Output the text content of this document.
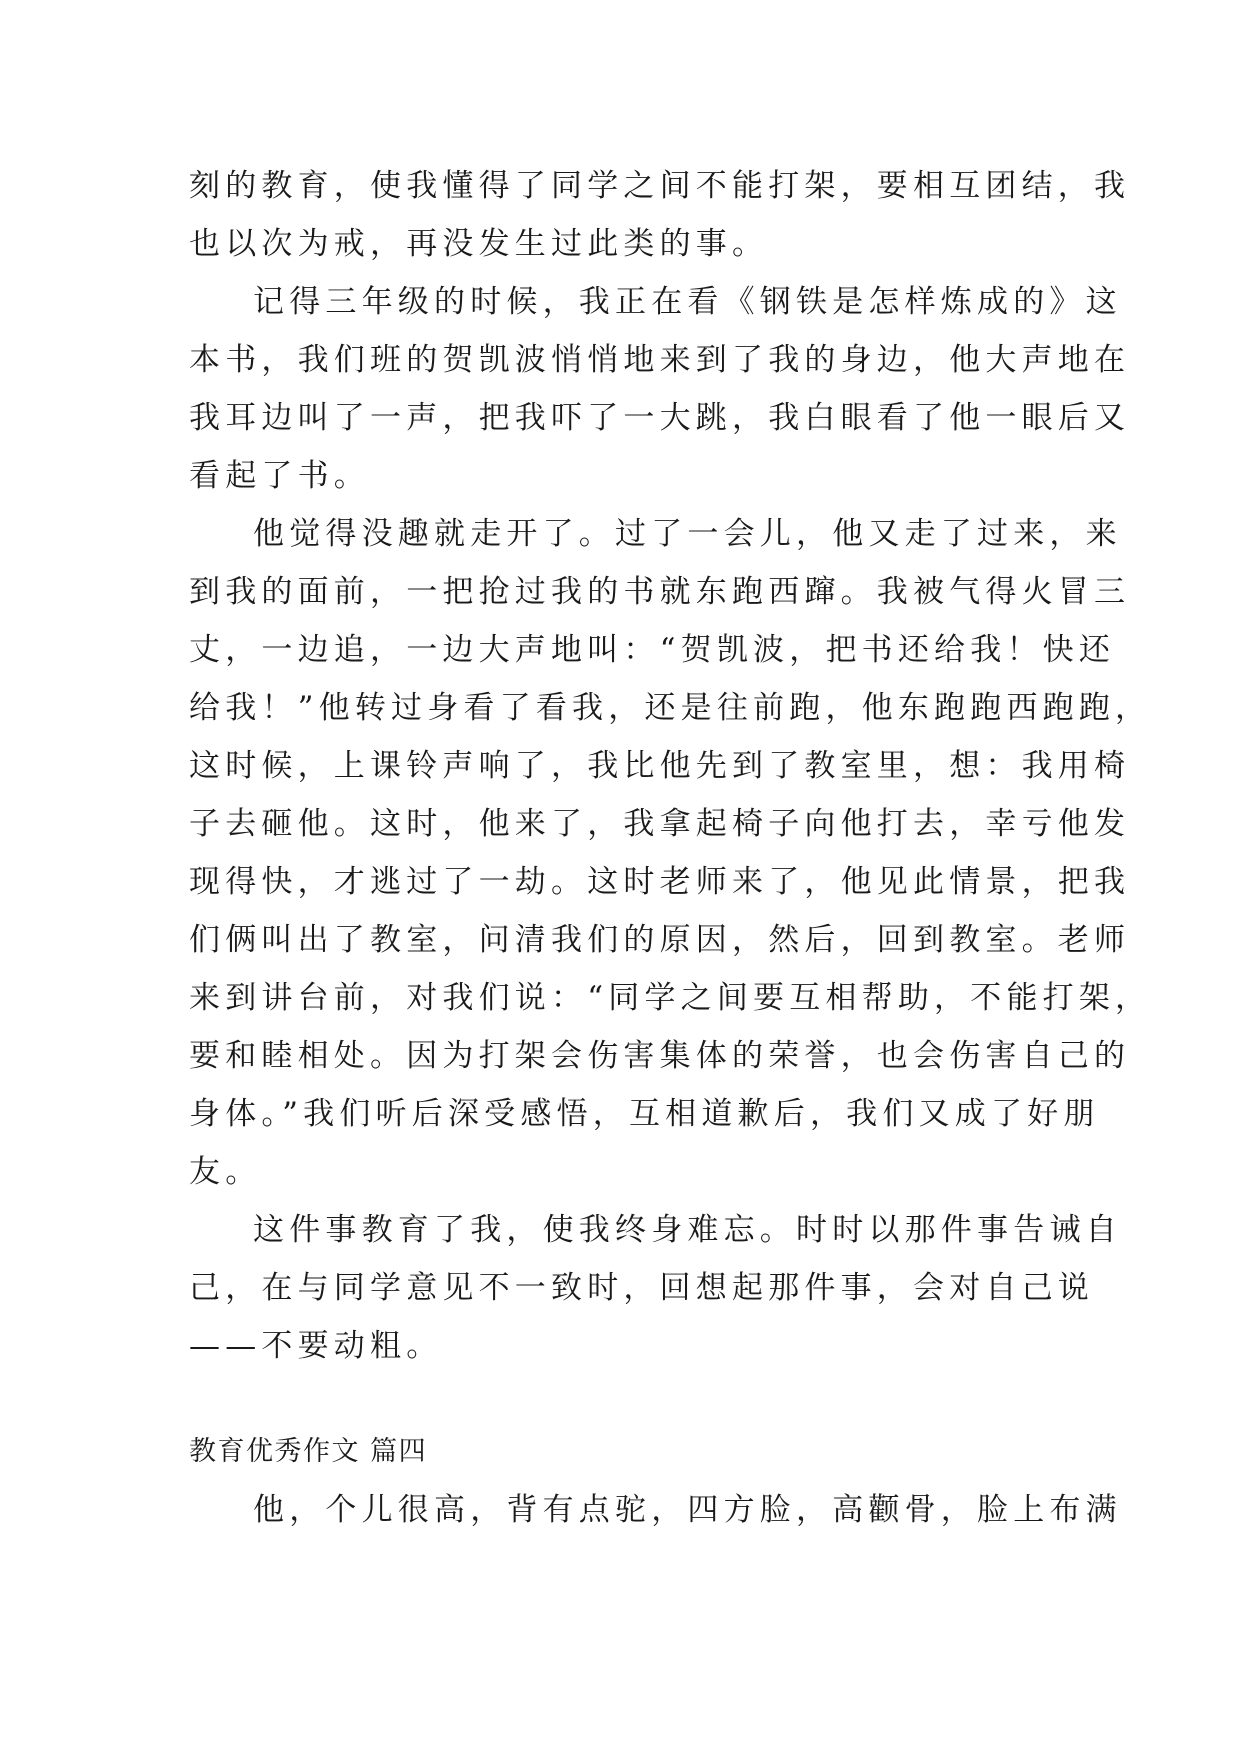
刻的教育，使我懂得了同学之间不能打架，要相互团结，我
也以次为戒，再没发生过此类的事。
记得三年级的时候，我正在看《钢铁是怎样炼成的》这
本书，我们班的贺凯波悄悄地来到了我的身边，他大声地在
我耳边叫了一声，把我吓了一大跳，我白眼看了他一眼后又
看起了书。
他觉得没趣就走开了。过了一会儿，他又走了过来，来
到我的面前，一把抢过我的书就东跑西蹿。我被气得火冒三
丈，一边追，一边大声地叫：“贺凯波，把书还给我！快还
给我！”他转过身看了看我，还是往前跑，他东跑跑西跑跑，
这时候，上课铃声响了，我比他先到了教室里，想：我用椅
子去砸他。这时，他来了，我拿起椅子向他打去，幸亏他发
现得快，才逃过了一劫。这时老师来了，他见此情景，把我
们俩叫出了教室，问清我们的原因，然后，回到教室。老师
来到讲台前，对我们说：“同学之间要互相帮助，不能打架，
要和睦相处。因为打架会伤害集体的荣誉，也会伤害自己的
身体。”我们听后深受感悟，互相道歉后，我们又成了好朋
友。
这件事教育了我，使我终身难忘。时时以那件事告诫自
己，在与同学意见不一致时，回想起那件事，会对自己说
——不要动粗。
教育优秀作文 篇四
他，个儿很高，背有点驼，四方脸，高颧骨，脸上布满
